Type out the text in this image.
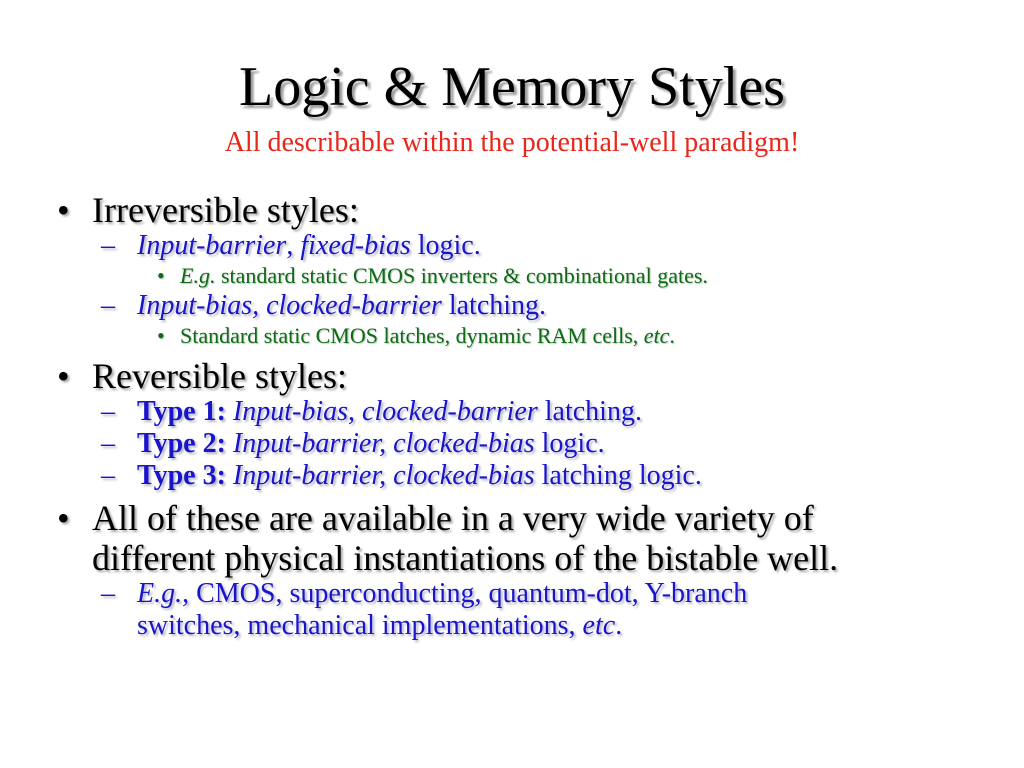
Logic & Memory Styles

All describable within the potential-well paradigm!

• Irreversible styles:
– Input-barrier, fixed-bias logic.
• E.g. standard static CMOS inverters & combinational gates.
– Input-bias, clocked-barrier latching.
• Standard static CMOS latches, dynamic RAM cells, etc.
• Reversible styles:
– Type 1: Input-bias, clocked-barrier latching.
– Type 2: Input-barrier, clocked-bias logic.
– Type 3: Input-barrier, clocked-bias latching logic.
• All of these are available in a very wide variety of
different physical instantiations of the bistable well.
– E.g., CMOS, superconducting, quantum-dot, Y-branch
switches, mechanical implementations, etc.
